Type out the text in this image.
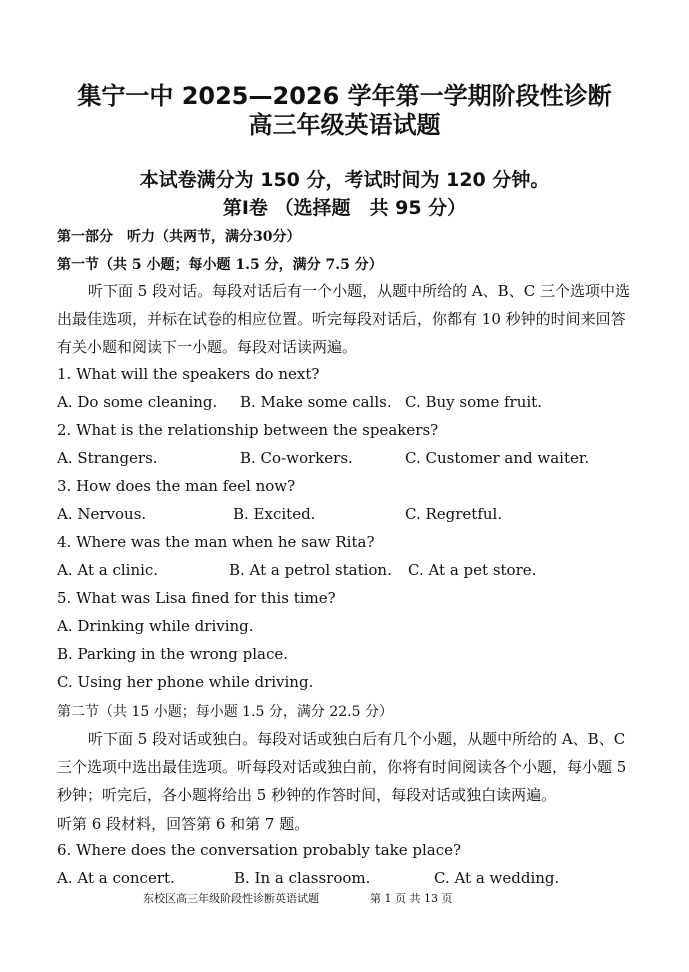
集宁一中 2025—2026 学年第一学期阶段性诊断
高三年级英语试题
本试卷满分为 150 分，考试时间为 120 分钟。
第I卷 （选择题　共 95 分）
第一部分　听力（共两节，满分30分）
第一节（共 5 小题；每小题 1.5 分，满分 7.5 分）

听下面 5 段对话。每段对话后有一个小题，从题中所给的 A、B、C 三个选项中选出最佳选项，并标在试卷的相应位置。听完每段对话后，你都有 10 秒钟的时间来回答有关小题和阅读下一小题。每段对话读两遍。

1. What will the speakers do next?
A. Do some cleaning. B. Make some calls. C. Buy some fruit.
2. What is the relationship between the speakers?
A. Strangers.	B. Co-workers.	C. Customer and waiter.
3. How does the man feel now?
A. Nervous.	B. Excited.	C. Regretful.
4. Where was the man when he saw Rita?
A. At a clinic.	B. At a petrol station. C. At a pet store.
5. What was Lisa fined for this time?
A. Drinking while driving.
B. Parking in the wrong place.
C. Using her phone while driving.
第二节（共 15 小题；每小题 1.5 分，满分 22.5 分）

听下面 5 段对话或独白。每段对话或独白后有几个小题，从题中所给的 A、B、C 三个选项中选出最佳选项。听每段对话或独白前，你将有时间阅读各个小题，每小题 5 秒钟；听完后，各小题将给出 5 秒钟的作答时间，每段对话或独白读两遍。

听第 6 段材料，回答第 6 和第 7 题。
6. Where does the conversation probably take place?
A. At a concert.	B. In a classroom.	C. At a wedding.
东校区高三年级阶段性诊断英语试题	第 1 页 共 13 页
